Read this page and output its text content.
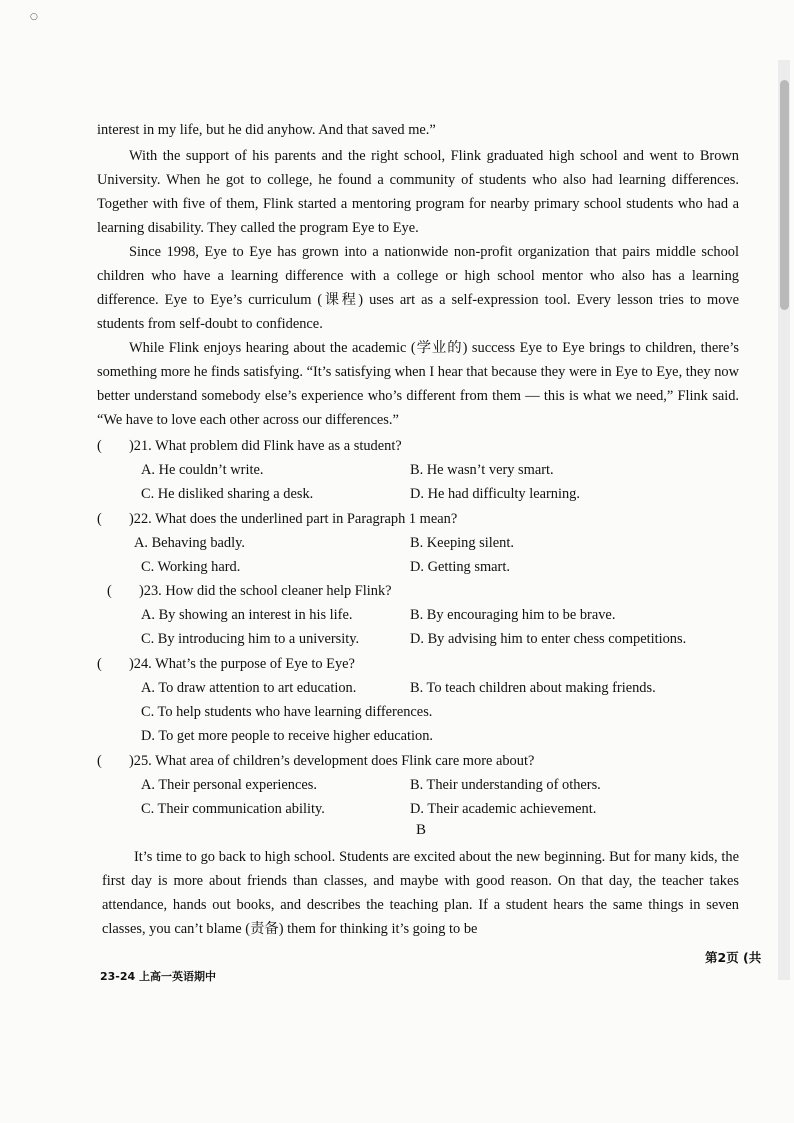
○
interest in my life, but he did anyhow. And that saved me.”
With the support of his parents and the right school, Flink graduated high school and went to Brown University. When he got to college, he found a community of students who also had learning differences. Together with five of them, Flink started a mentoring program for nearby primary school students who had a learning disability. They called the program Eye to Eye.
Since 1998, Eye to Eye has grown into a nationwide non-profit organization that pairs middle school children who have a learning difference with a college or high school mentor who also has a learning difference. Eye to Eye’s curriculum (课程) uses art as a self-expression tool. Every lesson tries to move students from self-doubt to confidence.
While Flink enjoys hearing about the academic (学业的) success Eye to Eye brings to children, there’s something more he finds satisfying. “It’s satisfying when I hear that because they were in Eye to Eye, they now better understand somebody else’s experience who’s different from them — this is what we need,” Flink said. “We have to love each other across our differences.”
( )21. What problem did Flink have as a student?
A. He couldn’t write.	B. He wasn’t very smart.
C. He disliked sharing a desk.	D. He had difficulty learning.
( )22. What does the underlined part in Paragraph 1 mean?
A. Behaving badly.	B. Keeping silent.
C. Working hard.	D. Getting smart.
( )23. How did the school cleaner help Flink?
A. By showing an interest in his life.	B. By encouraging him to be brave.
C. By introducing him to a university.	D. By advising him to enter chess competitions.
( )24. What’s the purpose of Eye to Eye?
A. To draw attention to art education.	B. To teach children about making friends.
C. To help students who have learning differences.
D. To get more people to receive higher education.
( )25. What area of children’s development does Flink care more about?
A. Their personal experiences.	B. Their understanding of others.
C. Their communication ability.	D. Their academic achievement.
B
It’s time to go back to high school. Students are excited about the new beginning. But for many kids, the first day is more about friends than classes, and maybe with good reason. On that day, the teacher takes attendance, hands out books, and describes the teaching plan. If a student hears the same things in seven classes, you can’t blame (责备) them for thinking it’s going to be
第2页 (共
23-24 上高一英语期中
